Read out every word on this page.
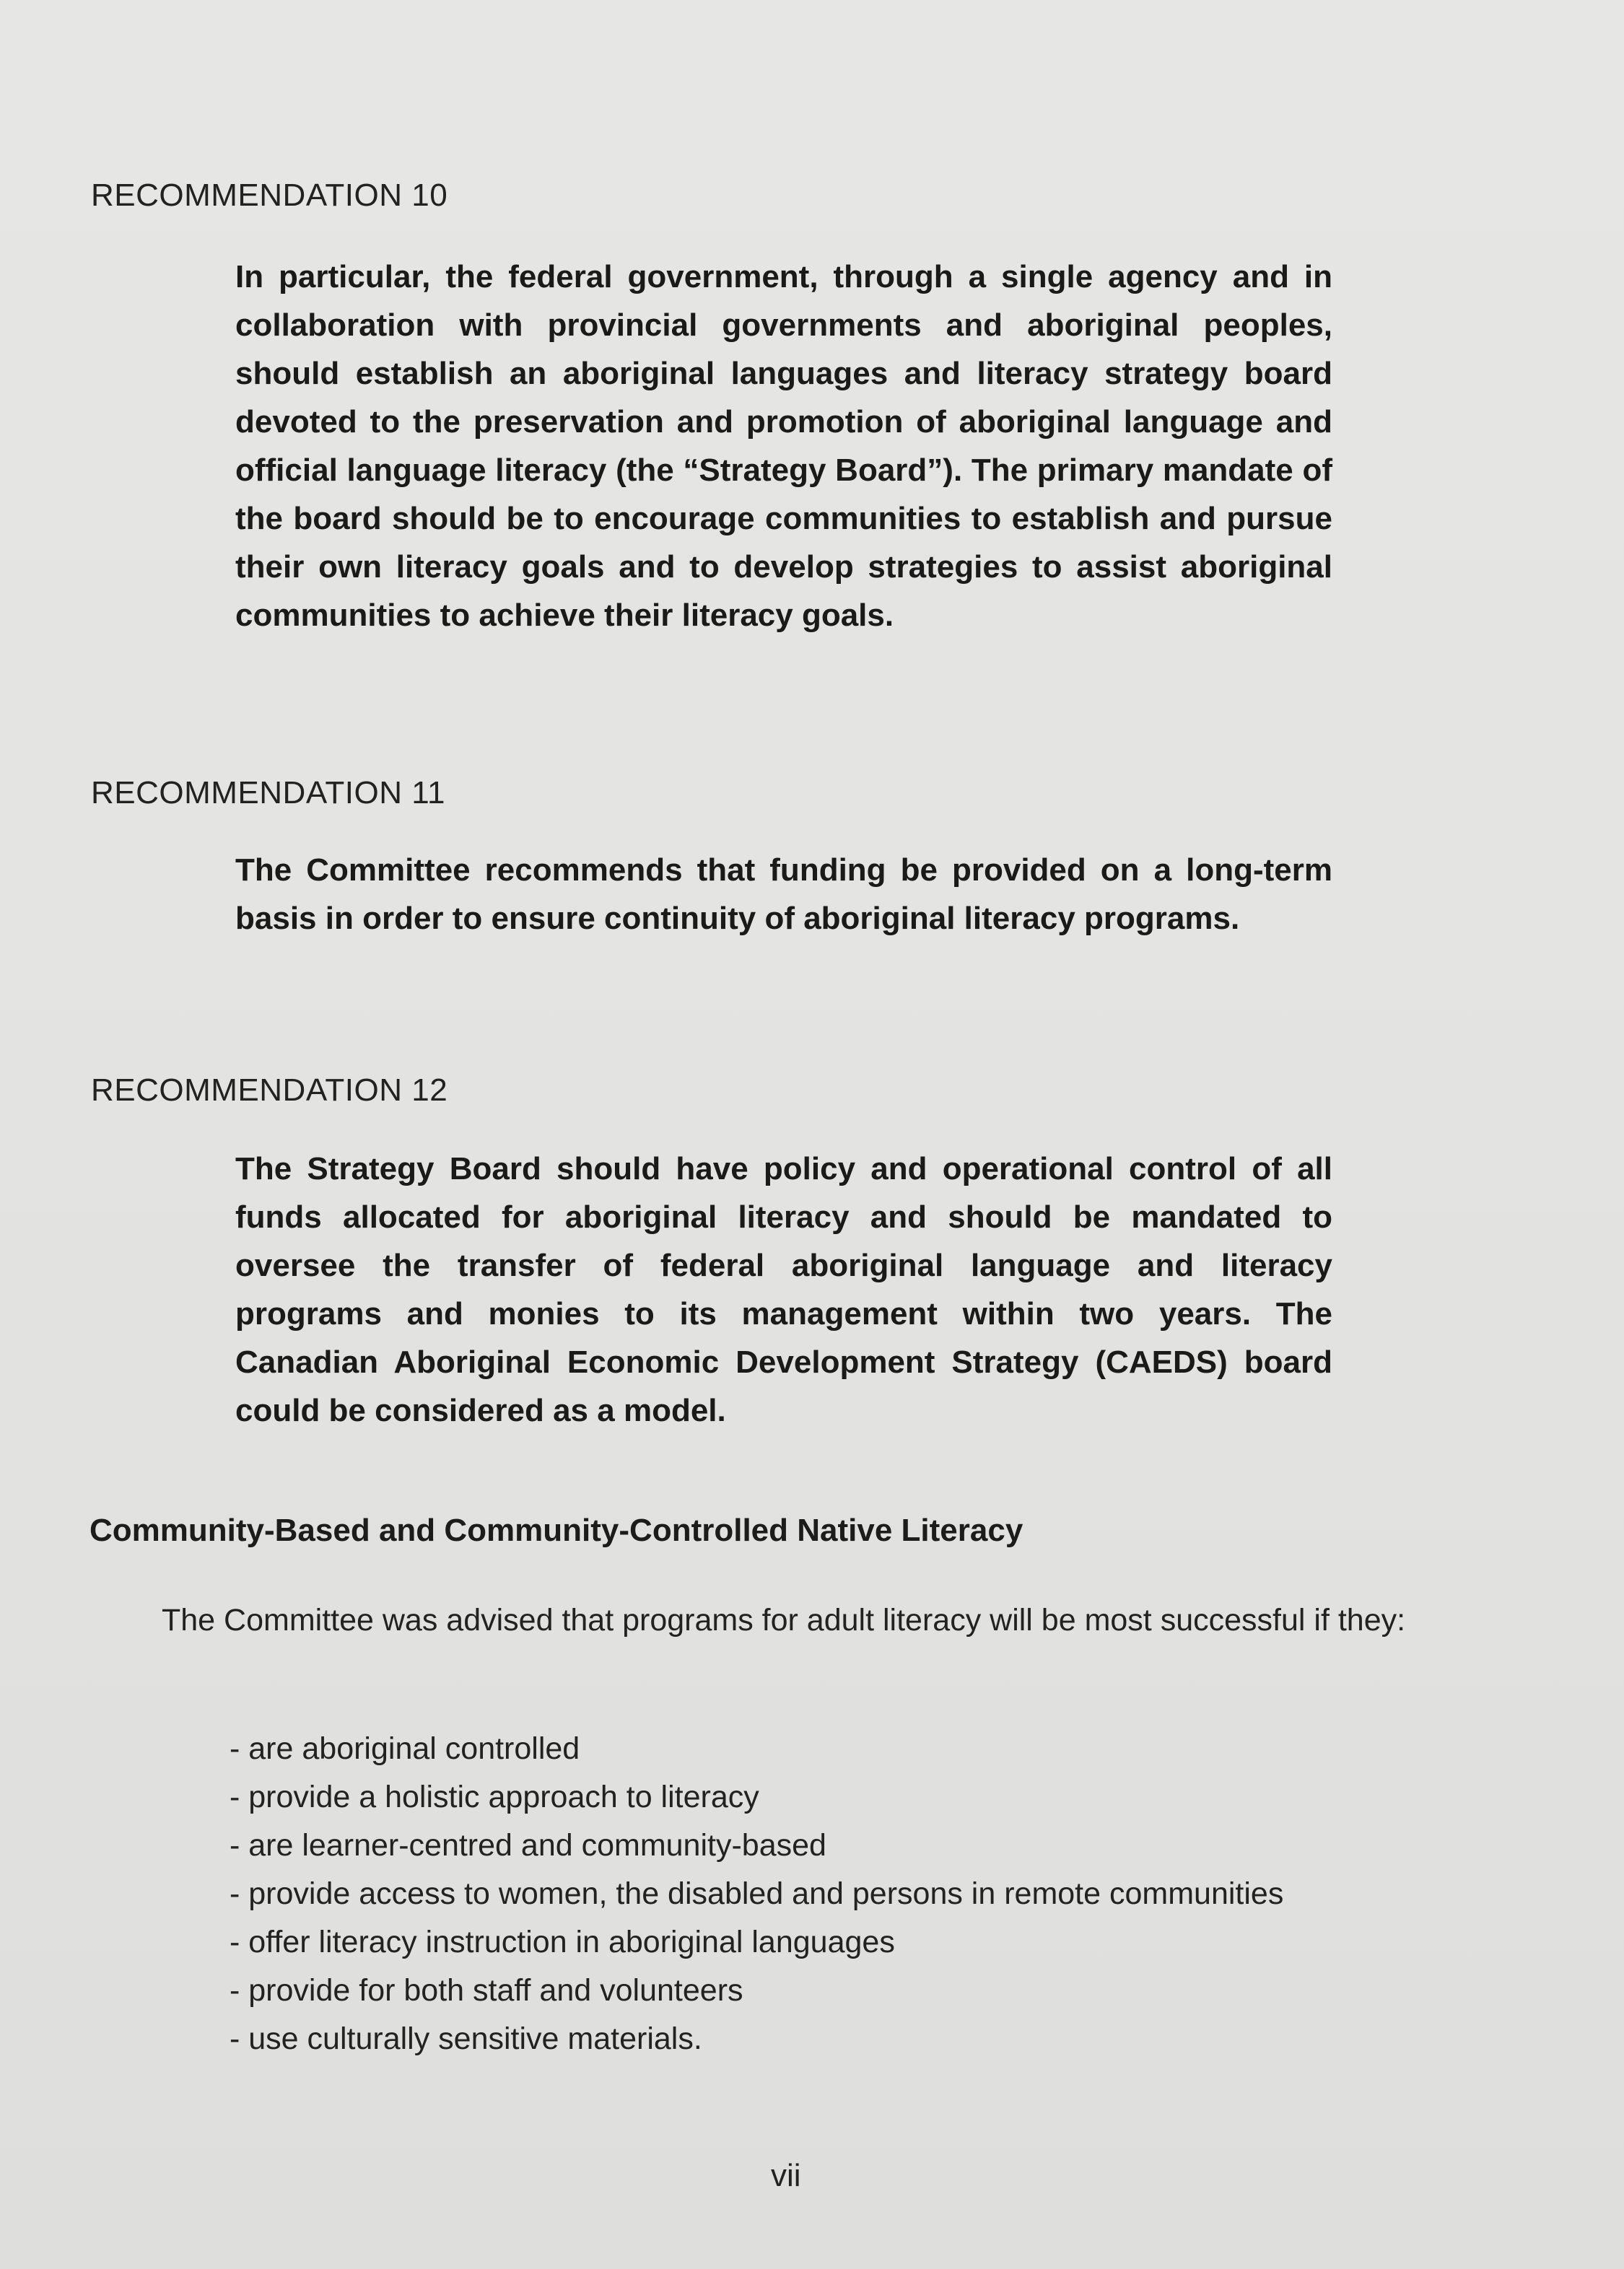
RECOMMENDATION 10
In particular, the federal government, through a single agency and in collaboration with provincial governments and aboriginal peoples, should establish an aboriginal languages and literacy strategy board devoted to the preservation and promotion of aboriginal language and official language literacy (the “Strategy Board”). The primary mandate of the board should be to encourage communities to establish and pursue their own literacy goals and to develop strategies to assist aboriginal communities to achieve their literacy goals.
RECOMMENDATION 11
The Committee recommends that funding be provided on a long-term basis in order to ensure continuity of aboriginal literacy programs.
RECOMMENDATION 12
The Strategy Board should have policy and operational control of all funds allocated for aboriginal literacy and should be mandated to oversee the transfer of federal aboriginal language and literacy programs and monies to its management within two years. The Canadian Aboriginal Economic Development Strategy (CAEDS) board could be considered as a model.
Community-Based and Community-Controlled Native Literacy
The Committee was advised that programs for adult literacy will be most successful if they:
- are aboriginal controlled
- provide a holistic approach to literacy
- are learner-centred and community-based
- provide access to women, the disabled and persons in remote communities
- offer literacy instruction in aboriginal languages
- provide for both staff and volunteers
- use culturally sensitive materials.
vii
